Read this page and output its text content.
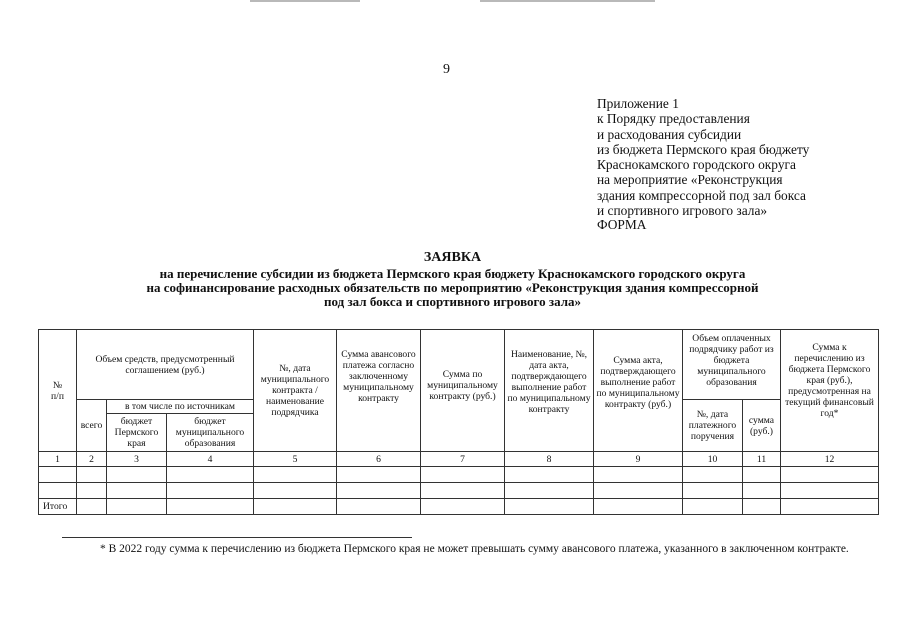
9
Приложение 1
к Порядку предоставления
и расходования субсидии
из бюджета Пермского края бюджету
Краснокамского городского округа
на мероприятие «Реконструкция
здания компрессорной под зал бокса
и спортивного игрового зала»
ФОРМА
ЗАЯВКА
на перечисление субсидии из бюджета Пермского края бюджету Краснокамского городского округа
на софинансирование расходных обязательств по мероприятию «Реконструкция здания компрессорной
под зал бокса и спортивного игрового зала»
№
п/п	Объем средств, предусмотренный соглашением (руб.)			№, дата муниципального контракта / наименование подрядчика	Сумма авансового платежа согласно заключенному муниципальному контракту	Сумма по муниципальному контракту (руб.)	Наименование, №, дата акта, подтверждающего выполнение работ по муниципальному контракту	Сумма акта, подтверждающего выполнение работ по муниципальному контракту (руб.)	Объем оплаченных подрядчику работ из бюджета муниципального образования		Сумма к перечислению из бюджета Пермского края (руб.), предусмотренная на текущий финансовый год*
	всего	в том числе по источникам							№, дата платежного поручения	сумма (руб.)	
		бюджет Пермского края	бюджет муниципального образования								
1	2	3	4	5	6	7	8	9	10	11	12

Итого											
* В 2022 году сумма к перечислению из бюджета Пермского края не может превышать сумму авансового платежа, указанного в заключенном контракте.
